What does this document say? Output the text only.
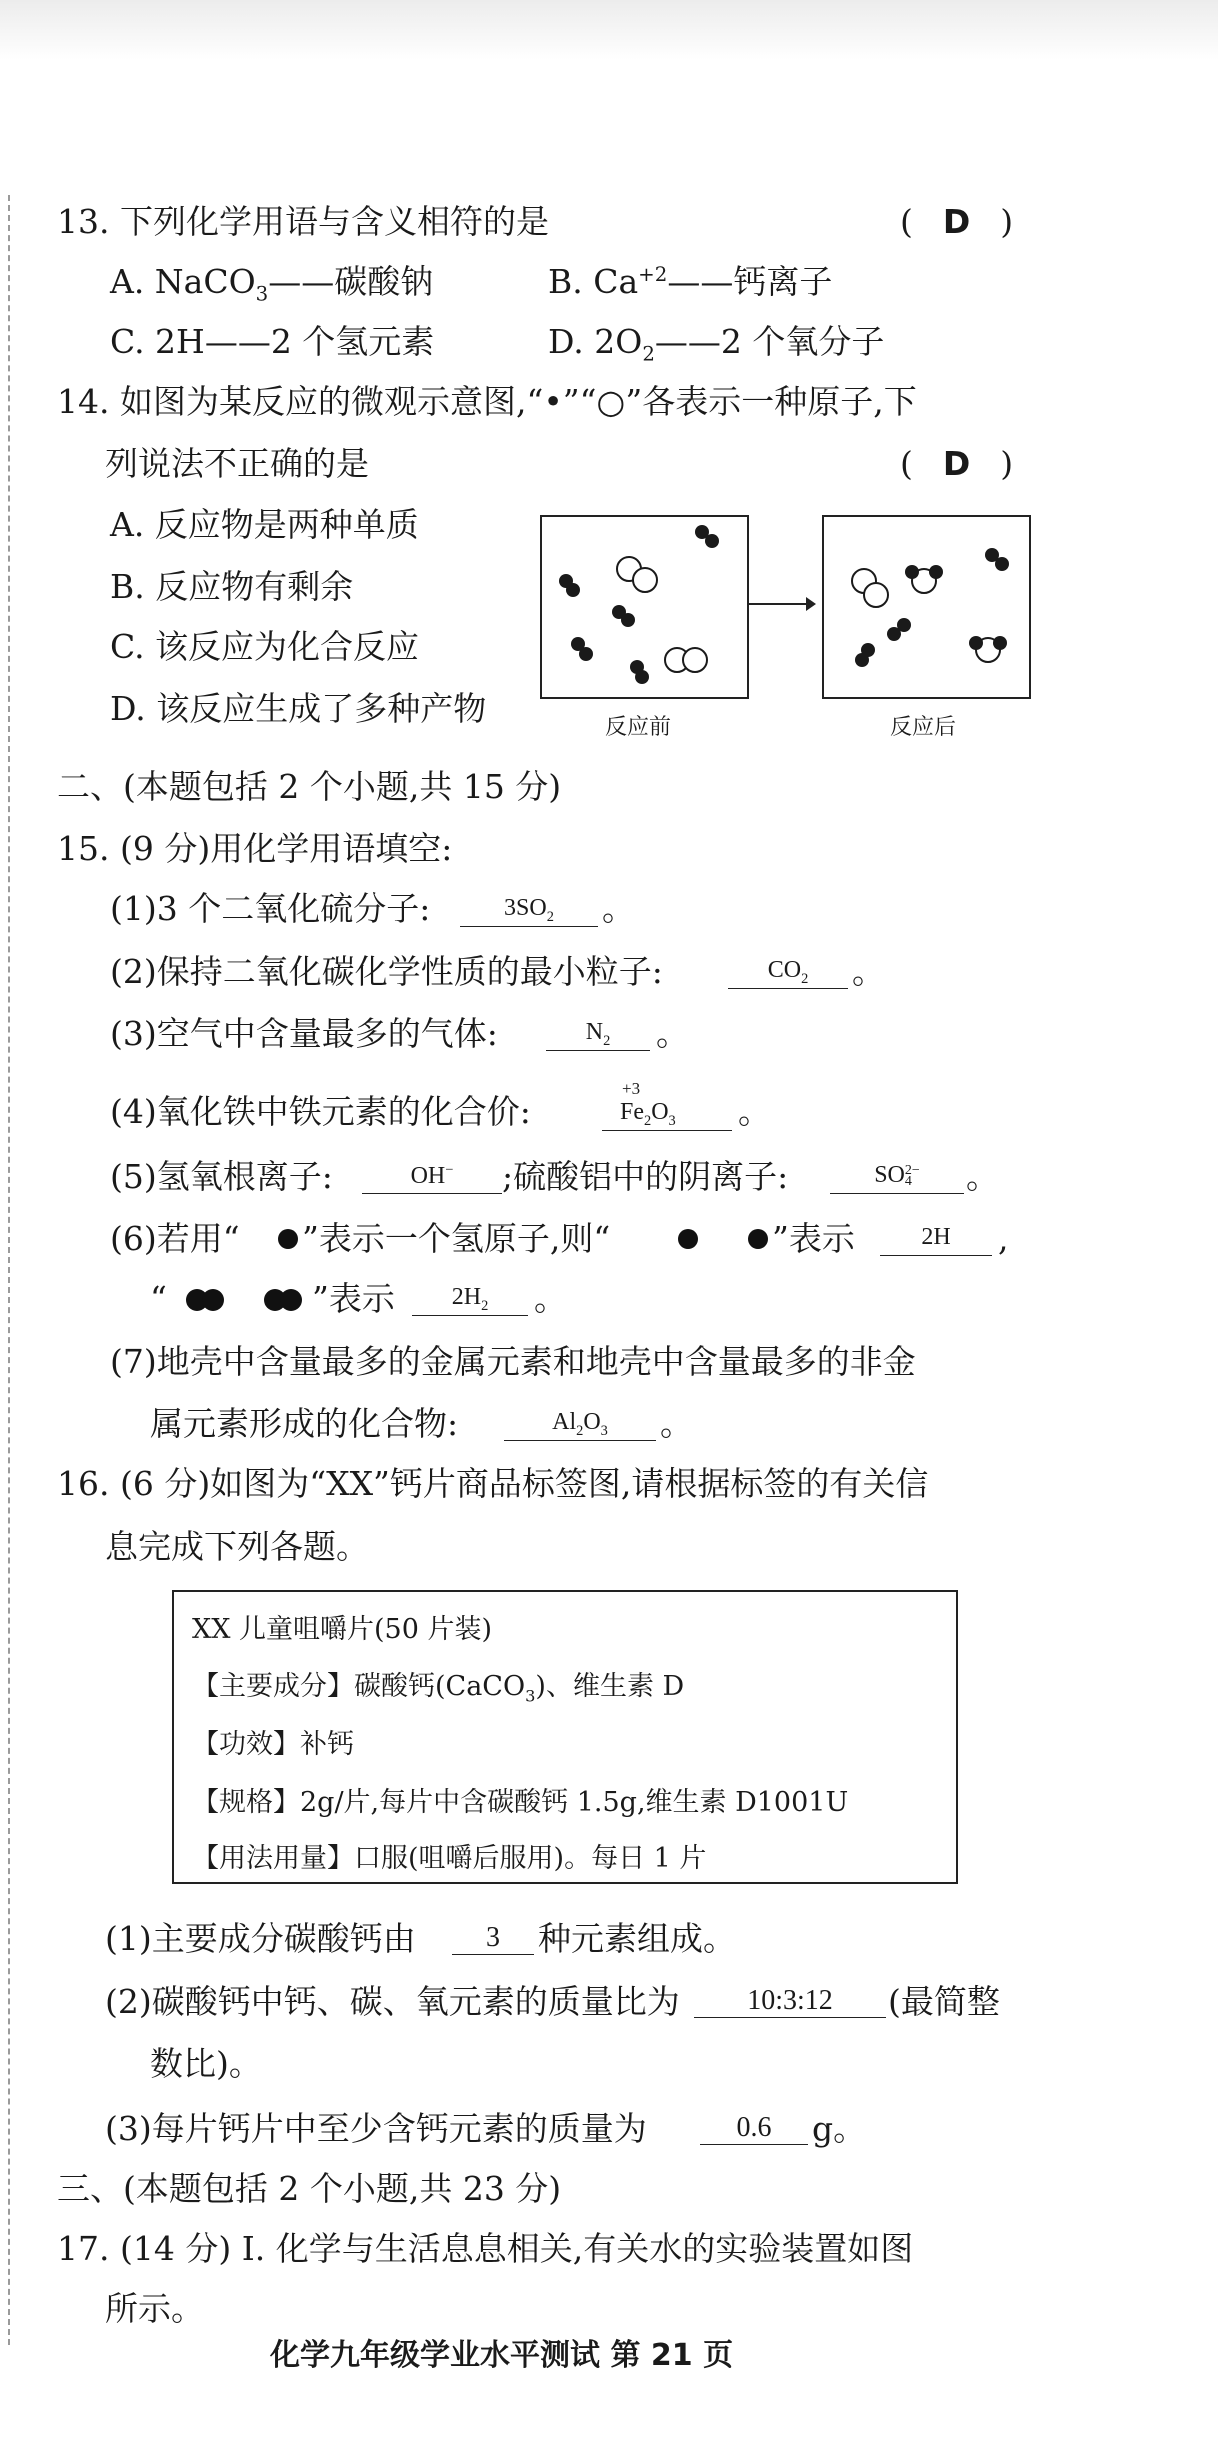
13. 下列化学用语与含义相符的是	( D )
A. NaCO$_3$——碳酸钠	B. $Ca^{+2}——$钙离子
C. 2H——2 个氢元素	D. $2O_2——2$ 个氧分子
14. 如图为某反应的微观示意图,“•”“○”各表示一种原子,下
列说法不正确的是	( D )
A. 反应物是两种单质
B. 反应物有剩余
C. 该反应为化合反应
D. 该反应生成了多种产物	反应前	反应后
二、(本题包括 2 个小题,共 15 分)
15. (9 分)用化学用语填空:
(1)3 个二氧化硫分子:	$3SO_2$	。
(2)保持二氧化碳化学性质的最小粒子:	$CO_2$	。
(3)空气中含量最多的气体:	$N_2$	。
(4)氧化铁中铁元素的化合价:
+3
$Fe_2O_3$ 。
(5)氢氧根离子:	OH−	;硫酸铝中的阴离子:	SO2−
4	。
(6)若用“ ”表示一个氢原子,则“	”表示	2H	,
“	”表示	$2H_2$	。
(7)地壳中含量最多的金属元素和地壳中含量最多的非金
属元素形成的化合物:	$Al_2O_3$	。
16. (6 分)如图为“XX”钙片商品标签图,请根据标签的有关信
息完成下列各题。
XX 儿童咀嚼片(50 片装)
【主要成分】碳酸钙(CaCO$_3$)、维生素 D
【功效】补钙
【规格】2g/片,每片中含碳酸钙 1.5g,维生素 D1001U
【用法用量】口服(咀嚼后服用)。每日 1 片
(1)主要成分碳酸钙由	3	种元素组成。
(2)碳酸钙中钙、碳、氧元素的质量比为	10:3:12	(最简整
数比)。
(3)每片钙片中至少含钙元素的质量为	0.6	g。
三、(本题包括 2 个小题,共 23 分)
17. (14 分) Ⅰ. 化学与生活息息相关,有关水的实验装置如图
所示。
化学九年级学业水平测试 第 21 页
